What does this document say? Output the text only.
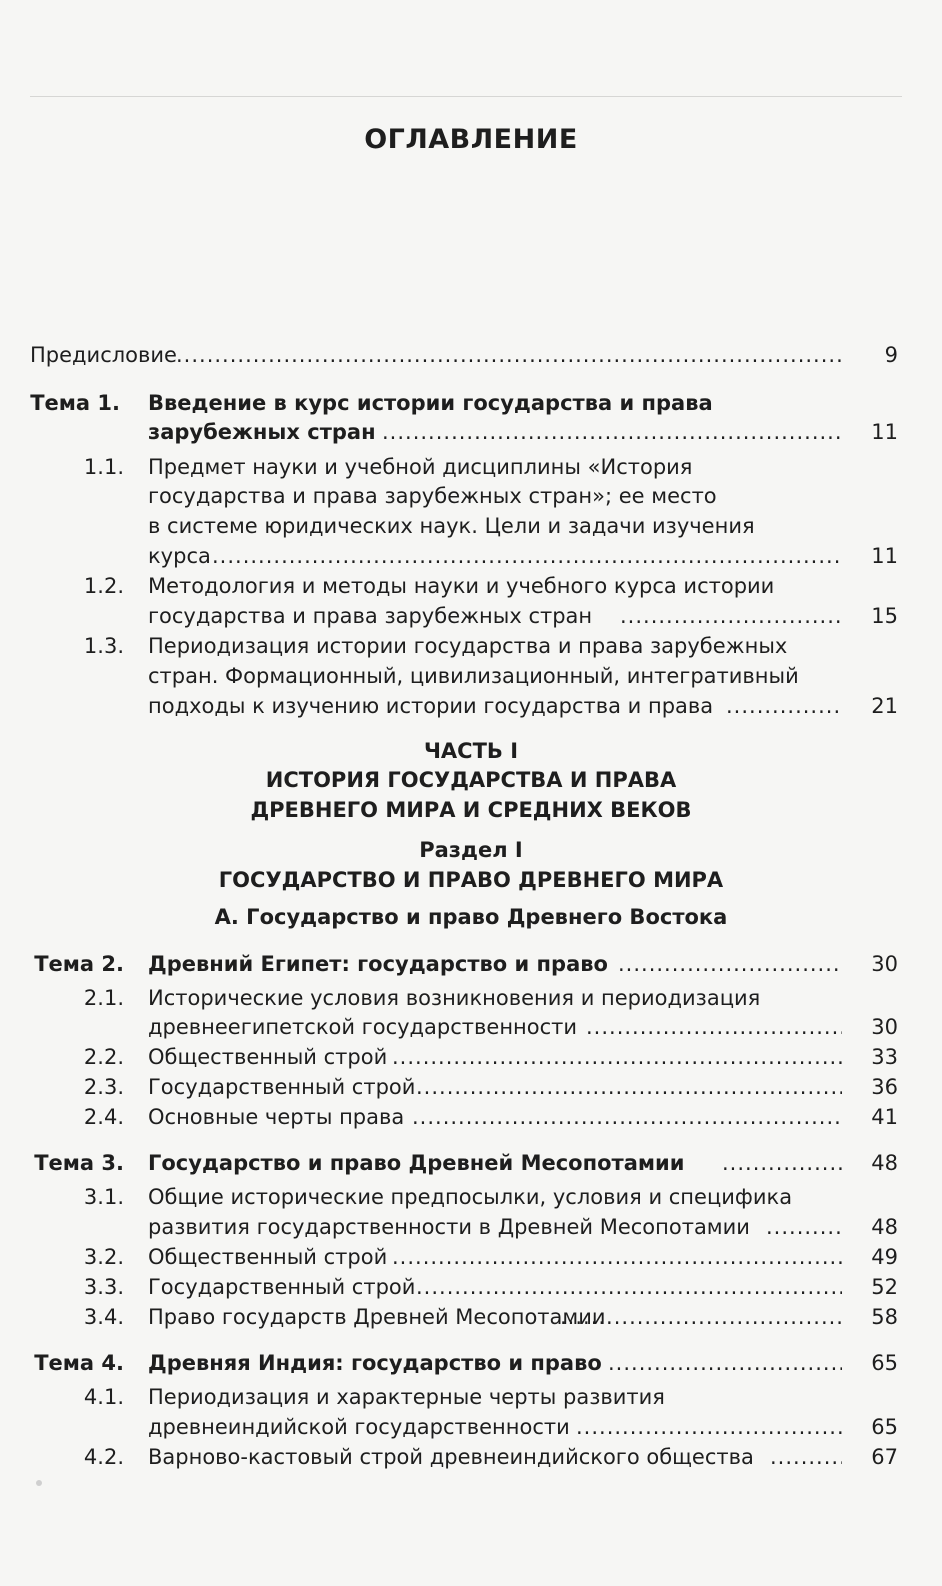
ОГЛАВЛЕНИЕ
Предисловие .....	9
Тема 1. Введение в курс истории государства и права
зарубежных стран .....	11
1.1. Предмет науки и учебной дисциплины «История
государства и права зарубежных стран»; ее место
в системе юридических наук. Цели и задачи изучения
курса .....	11
1.2. Методология и методы науки и учебного курса истории
государства и права зарубежных стран .....	15
1.3. Периодизация истории государства и права зарубежных
стран. Формационный, цивилизационный, интегративный
подходы к изучению истории государства и права .....	21
ЧАСТЬ I
ИСТОРИЯ ГОСУДАРСТВА И ПРАВА
ДРЕВНЕГО МИРА И СРЕДНИХ ВЕКОВ
Раздел I
ГОСУДАРСТВО И ПРАВО ДРЕВНЕГО МИРА
А. Государство и право Древнего Востока
Тема 2. Древний Египет: государство и право .....	30
2.1. Исторические условия возникновения и периодизация
древнеегипетской государственности .....	30
2.2. Общественный строй .....	33
2.3. Государственный строй .....	36
2.4. Основные черты права .....	41
Тема 3. Государство и право Древней Месопотамии .....	48
3.1. Общие исторические предпосылки, условия и специфика
развития государственности в Древней Месопотамии .....	48
3.2. Общественный строй .....	49
3.3. Государственный строй .....	52
3.4. Право государств Древней Месопотамии .....	58
Тема 4. Древняя Индия: государство и право .....	65
4.1. Периодизация и характерные черты развития
древнеиндийской государственности .....	65
4.2. Варново-кастовый строй древнеиндийского общества .....	67
